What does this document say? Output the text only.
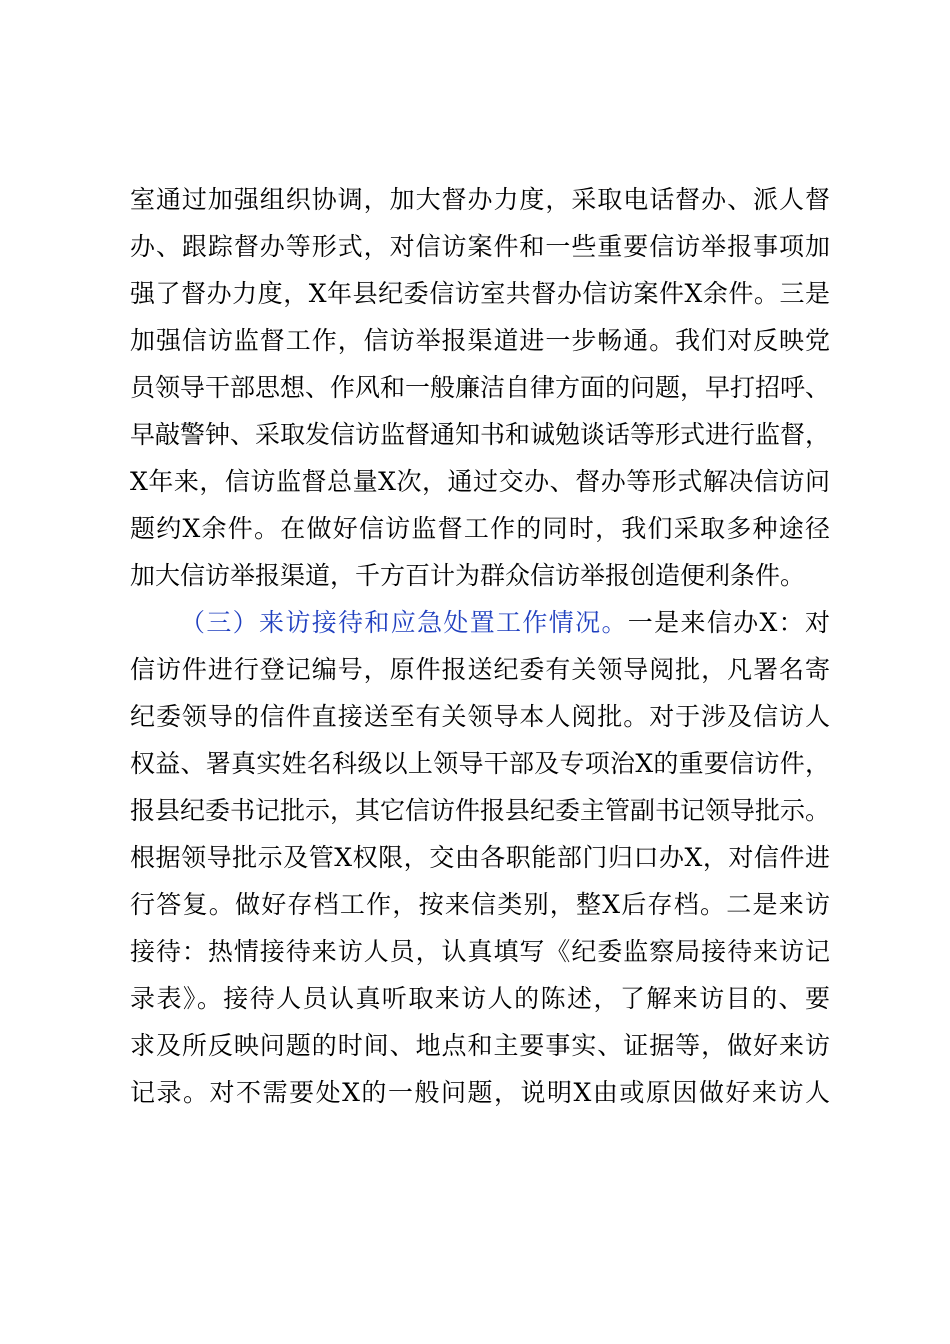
室通过加强组织协调，加大督办力度，采取电话督办、派人督
办、跟踪督办等形式，对信访案件和一些重要信访举报事项加
强了督办力度，X年县纪委信访室共督办信访案件X余件。三是
加强信访监督工作，信访举报渠道进一步畅通。我们对反映党
员领导干部思想、作风和一般廉洁自律方面的问题，早打招呼、
早敲警钟、采取发信访监督通知书和诚勉谈话等形式进行监督，
X年来，信访监督总量X次，通过交办、督办等形式解决信访问
题约X余件。在做好信访监督工作的同时，我们采取多种途径
加大信访举报渠道，千方百计为群众信访举报创造便利条件。
（三）来访接待和应急处置工作情况。一是来信办X：对
信访件进行登记编号，原件报送纪委有关领导阅批，凡署名寄
纪委领导的信件直接送至有关领导本人阅批。对于涉及信访人
权益、署真实姓名科级以上领导干部及专项治X的重要信访件，
报县纪委书记批示，其它信访件报县纪委主管副书记领导批示。
根据领导批示及管X权限，交由各职能部门归口办X，对信件进
行答复。做好存档工作，按来信类别，整X后存档。二是来访
接待：热情接待来访人员，认真填写《纪委监察局接待来访记
录表》。接待人员认真听取来访人的陈述，了解来访目的、要
求及所反映问题的时间、地点和主要事实、证据等，做好来访
记录。对不需要处X的一般问题，说明X由或原因做好来访人
